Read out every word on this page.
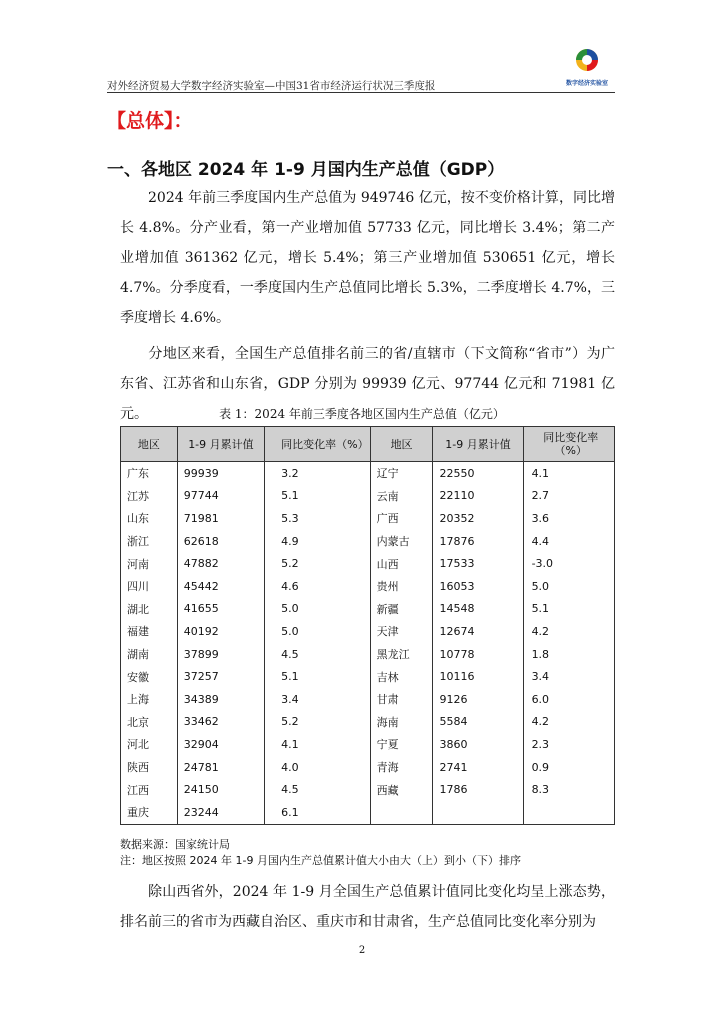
对外经济贸易大学数字经济实验室—中国31省市经济运行状况三季度报	数字经济实验室
【总体】：
一、各地区 2024 年 1-9 月国内生产总值（GDP）
2024 年前三季度国内生产总值为 949746 亿元，按不变价格计算，同比增长 4.8%。分产业看，第一产业增加值 57733 亿元，同比增长 3.4%；第二产业增加值 361362 亿元，增长 5.4%；第三产业增加值 530651 亿元，增长 4.7%。分季度看，一季度国内生产总值同比增长 5.3%，二季度增长 4.7%，三季度增长 4.6%。
分地区来看，全国生产总值排名前三的省/直辖市（下文简称“省市”）为广东省、江苏省和山东省，GDP 分别为 99939 亿元、97744 亿元和 71981 亿元。	表 1：2024 年前三季度各地区国内生产总值（亿元）
地区	1-9 月累计值	同比变化率（%）	地区	1-9 月累计值	同比变化率（%）
广东	99939	3.2	辽宁	22550	4.1
江苏	97744	5.1	云南	22110	2.7
山东	71981	5.3	广西	20352	3.6
浙江	62618	4.9	内蒙古	17876	4.4
河南	47882	5.2	山西	17533	-3.0
四川	45442	4.6	贵州	16053	5.0
湖北	41655	5.0	新疆	14548	5.1
福建	40192	5.0	天津	12674	4.2
湖南	37899	4.5	黑龙江	10778	1.8
安徽	37257	5.1	吉林	10116	3.4
上海	34389	3.4	甘肃	9126	6.0
北京	33462	5.2	海南	5584	4.2
河北	32904	4.1	宁夏	3860	2.3
陕西	24781	4.0	青海	2741	0.9
江西	24150	4.5	西藏	1786	8.3
重庆	23244	6.1			
数据来源：国家统计局
注：地区按照 2024 年 1-9 月国内生产总值累计值大小由大（上）到小（下）排序
除山西省外，2024 年 1-9 月全国生产总值累计值同比变化均呈上涨态势，排名前三的省市为西藏自治区、重庆市和甘肃省，生产总值同比变化率分别为
2
